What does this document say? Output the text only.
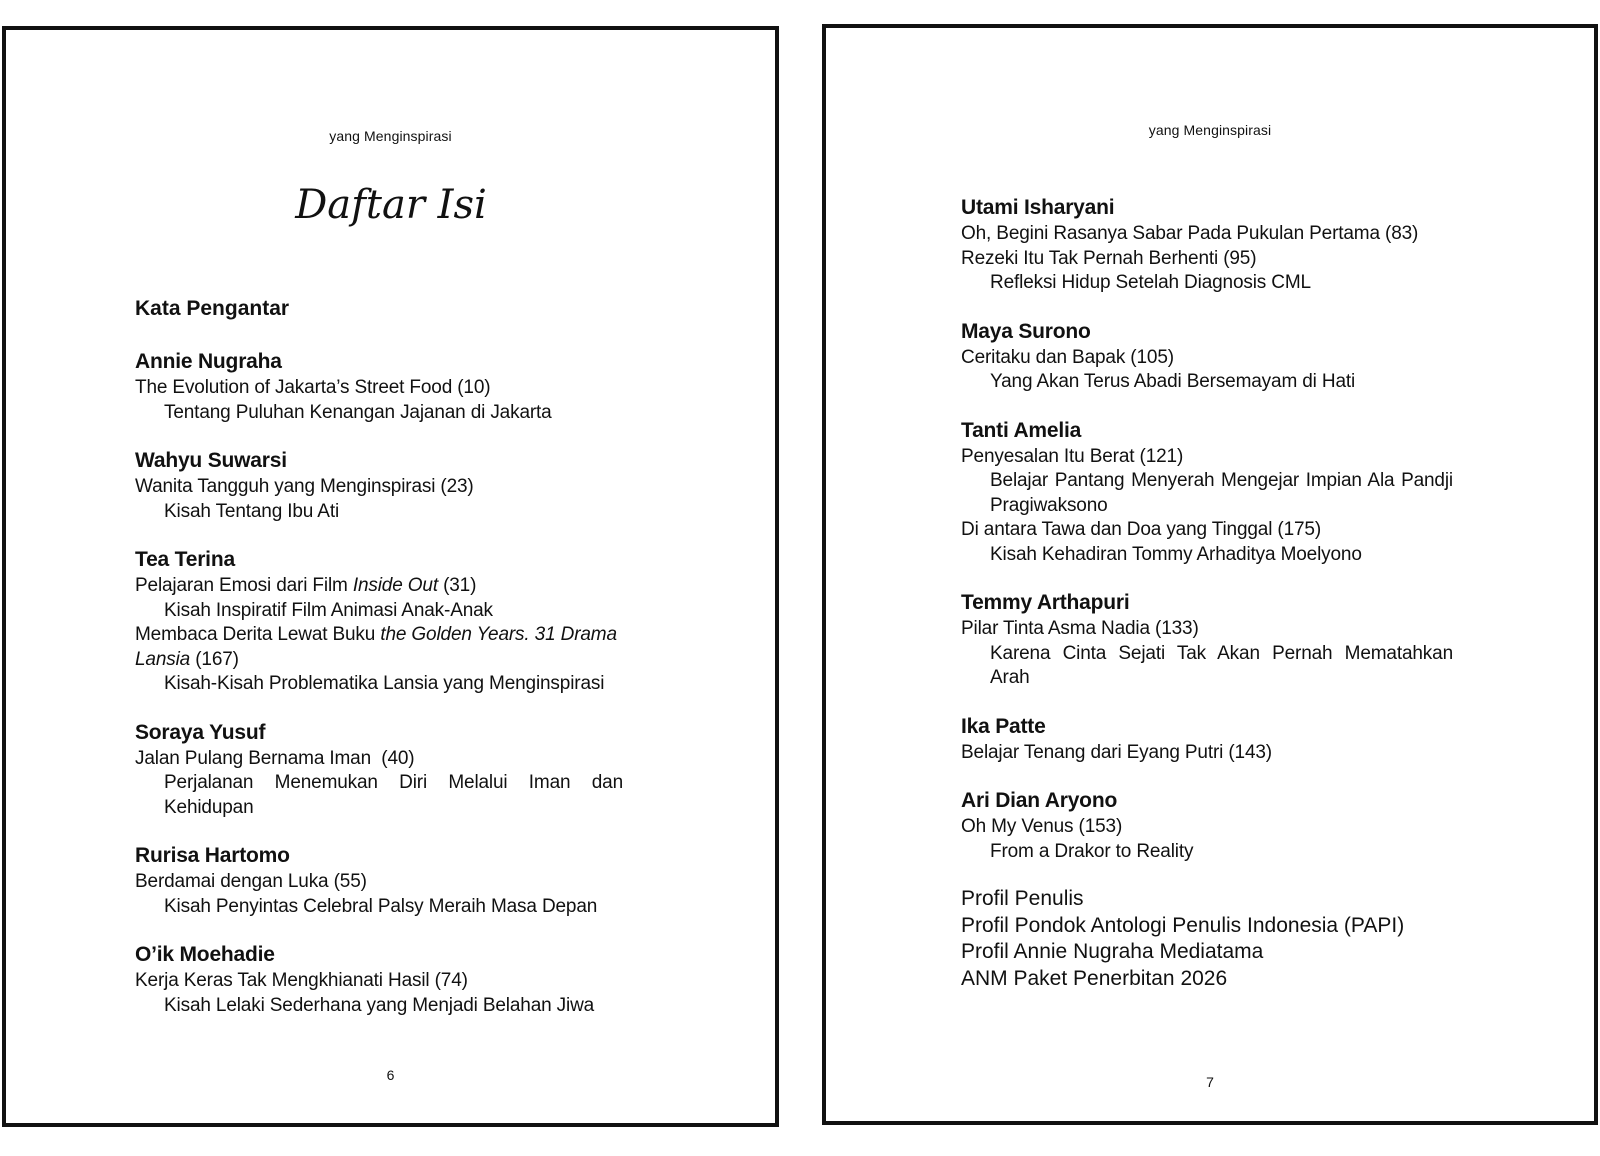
yang Menginspirasi
Daftar Isi
Kata Pengantar
Annie Nugraha
The Evolution of Jakarta’s Street Food (10)
Tentang Puluhan Kenangan Jajanan di Jakarta
Wahyu Suwarsi
Wanita Tangguh yang Menginspirasi (23)
Kisah Tentang Ibu Ati
Tea Terina
Pelajaran Emosi dari Film Inside Out (31)
Kisah Inspiratif Film Animasi Anak-Anak
Membaca Derita Lewat Buku the Golden Years. 31 Drama Lansia (167)
Kisah-Kisah Problematika Lansia yang Menginspirasi
Soraya Yusuf
Jalan Pulang Bernama Iman  (40)
Perjalanan Menemukan Diri Melalui Iman dan Kehidupan
Rurisa Hartomo
Berdamai dengan Luka (55)
Kisah Penyintas Celebral Palsy Meraih Masa Depan
O’ik Moehadie
Kerja Keras Tak Mengkhianati Hasil (74)
Kisah Lelaki Sederhana yang Menjadi Belahan Jiwa
6
yang Menginspirasi
Utami Isharyani
Oh, Begini Rasanya Sabar Pada Pukulan Pertama (83)
Rezeki Itu Tak Pernah Berhenti (95)
Refleksi Hidup Setelah Diagnosis CML
Maya Surono
Ceritaku dan Bapak (105)
Yang Akan Terus Abadi Bersemayam di Hati
Tanti Amelia
Penyesalan Itu Berat (121)
Belajar Pantang Menyerah Mengejar Impian Ala Pandji Pragiwaksono
Di antara Tawa dan Doa yang Tinggal (175)
Kisah Kehadiran Tommy Arhaditya Moelyono
Temmy Arthapuri
Pilar Tinta Asma Nadia (133)
Karena Cinta Sejati Tak Akan Pernah Mematahkan Arah
Ika Patte
Belajar Tenang dari Eyang Putri (143)
Ari Dian Aryono
Oh My Venus (153)
From a Drakor to Reality
Profil Penulis
Profil Pondok Antologi Penulis Indonesia (PAPI)
Profil Annie Nugraha Mediatama
ANM Paket Penerbitan 2026
7
